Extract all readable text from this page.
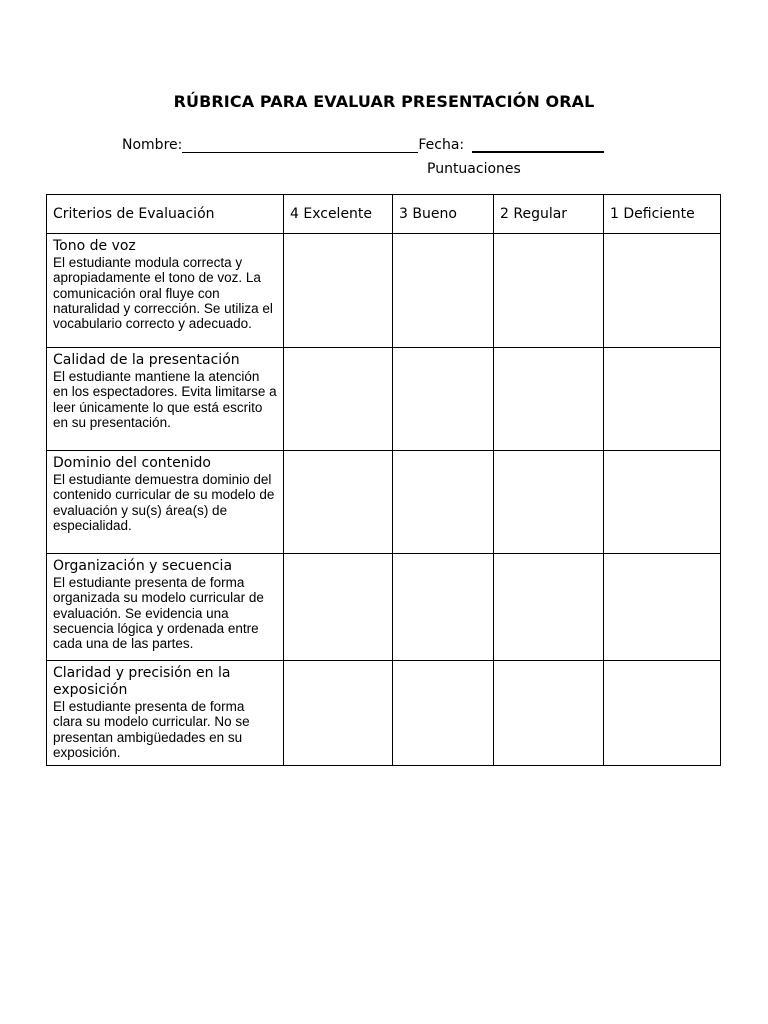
RÚBRICA PARA EVALUAR PRESENTACIÓN ORAL
Nombre:	Fecha:
Puntuaciones
Criterios de Evaluación	4 Excelente	3 Bueno	2 Regular	1 Deficiente

Tono de voz
El estudiante modula correcta y apropiadamente el tono de voz. La comunicación oral fluye con naturalidad y corrección. Se utiliza el vocabulario correcto y adecuado.				

Calidad de la presentación
El estudiante mantiene la atención en los espectadores. Evita limitarse a leer únicamente lo que está escrito en su presentación.				

Dominio del contenido
El estudiante demuestra dominio del contenido curricular de su modelo de evaluación y su(s) área(s) de especialidad.				

Organización y secuencia
El estudiante presenta de forma organizada su modelo curricular de evaluación. Se evidencia una secuencia lógica y ordenada entre cada una de las partes.				

Claridad y precisión en la exposición
El estudiante presenta de forma clara su modelo curricular. No se presentan ambigüedades en su exposición.				
